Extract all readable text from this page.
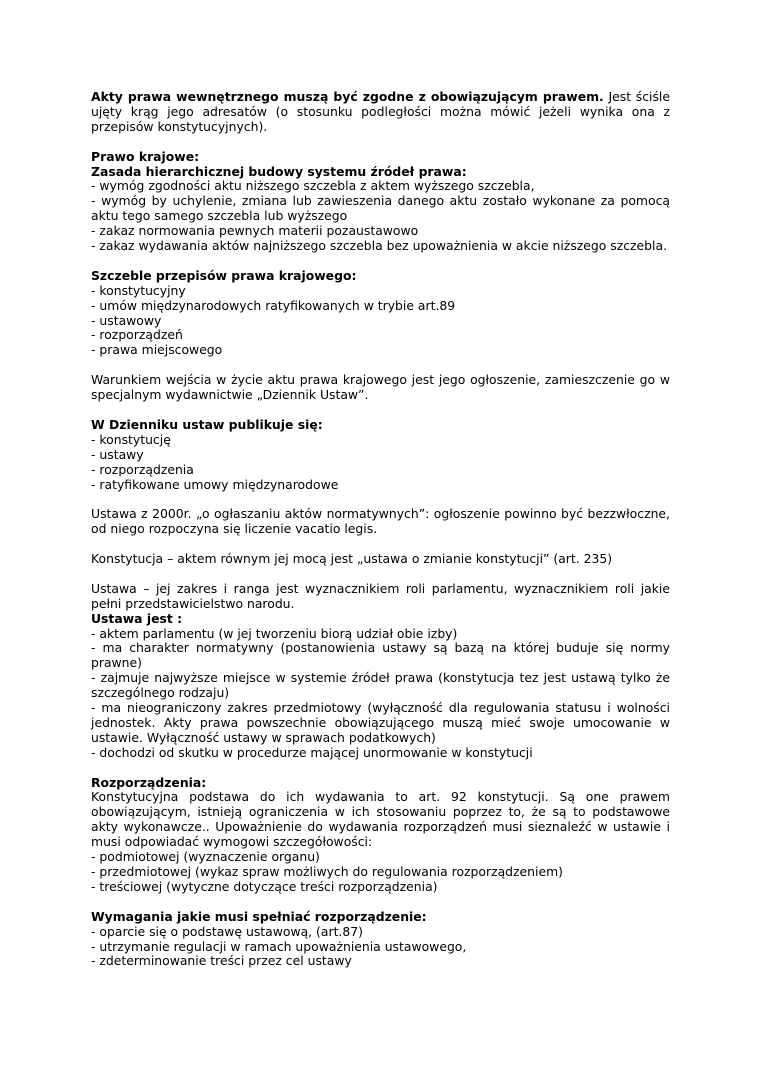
Akty prawa wewnętrznego muszą być zgodne z obowiązującym prawem. Jest ściśle ujęty krąg jego adresatów (o stosunku podległości można mówić jeżeli wynika ona z przepisów konstytucyjnych).

Prawo krajowe:

Zasada hierarchicznej budowy systemu źródeł prawa:

- wymóg zgodności aktu niższego szczebla z aktem wyższego szczebla,

- wymóg by uchylenie, zmiana lub zawieszenia danego aktu zostało wykonane za pomocą aktu tego samego szczebla lub wyższego

- zakaz normowania pewnych materii pozaustawowo

- zakaz wydawania aktów najniższego szczebla bez upoważnienia w akcie niższego szczebla.

Szczeble przepisów prawa krajowego:

- konstytucyjny

- umów międzynarodowych ratyfikowanych w trybie art.89

- ustawowy

- rozporządzeń

- prawa miejscowego

Warunkiem wejścia w życie aktu prawa krajowego jest jego ogłoszenie, zamieszczenie go w specjalnym wydawnictwie „Dziennik Ustaw”.

W Dzienniku ustaw publikuje się:

- konstytucję

- ustawy

- rozporządzenia

- ratyfikowane umowy międzynarodowe

Ustawa z 2000r. „o ogłaszaniu aktów normatywnych”: ogłoszenie powinno być bezzwłoczne, od niego rozpoczyna się liczenie vacatio legis.

Konstytucja – aktem równym jej mocą jest „ustawa o zmianie konstytucji” (art. 235)

Ustawa – jej zakres i ranga jest wyznacznikiem roli parlamentu, wyznacznikiem roli jakie pełni przedstawicielstwo narodu.

Ustawa jest :

- aktem parlamentu (w jej tworzeniu biorą udział obie izby)

- ma charakter normatywny (postanowienia ustawy są bazą na której buduje się normy prawne)

- zajmuje najwyższe miejsce w systemie źródeł prawa (konstytucja tez jest ustawą tylko że szczególnego rodzaju)

- ma nieograniczony zakres przedmiotowy (wyłączność dla regulowania statusu i wolności jednostek. Akty prawa powszechnie obowiązującego muszą mieć swoje umocowanie w ustawie. Wyłączność ustawy w sprawach podatkowych)

- dochodzi od skutku w procedurze mającej unormowanie w konstytucji

Rozporządzenia:

Konstytucyjna podstawa do ich wydawania to art. 92 konstytucji. Są one prawem obowiązującym, istnieją ograniczenia w ich stosowaniu poprzez to, że są to podstawowe akty wykonawcze.. Upoważnienie do wydawania rozporządzeń musi sieznaleźć w ustawie i musi odpowiadać wymogowi szczegółowości:

- podmiotowej (wyznaczenie organu)

- przedmiotowej (wykaz spraw możliwych do regulowania rozporządzeniem)

- treściowej (wytyczne dotyczące treści rozporządzenia)

Wymagania jakie musi spełniać rozporządzenie:

- oparcie się o podstawę ustawową, (art.87)

- utrzymanie regulacji w ramach upoważnienia ustawowego,

- zdeterminowanie treści przez cel ustawy
